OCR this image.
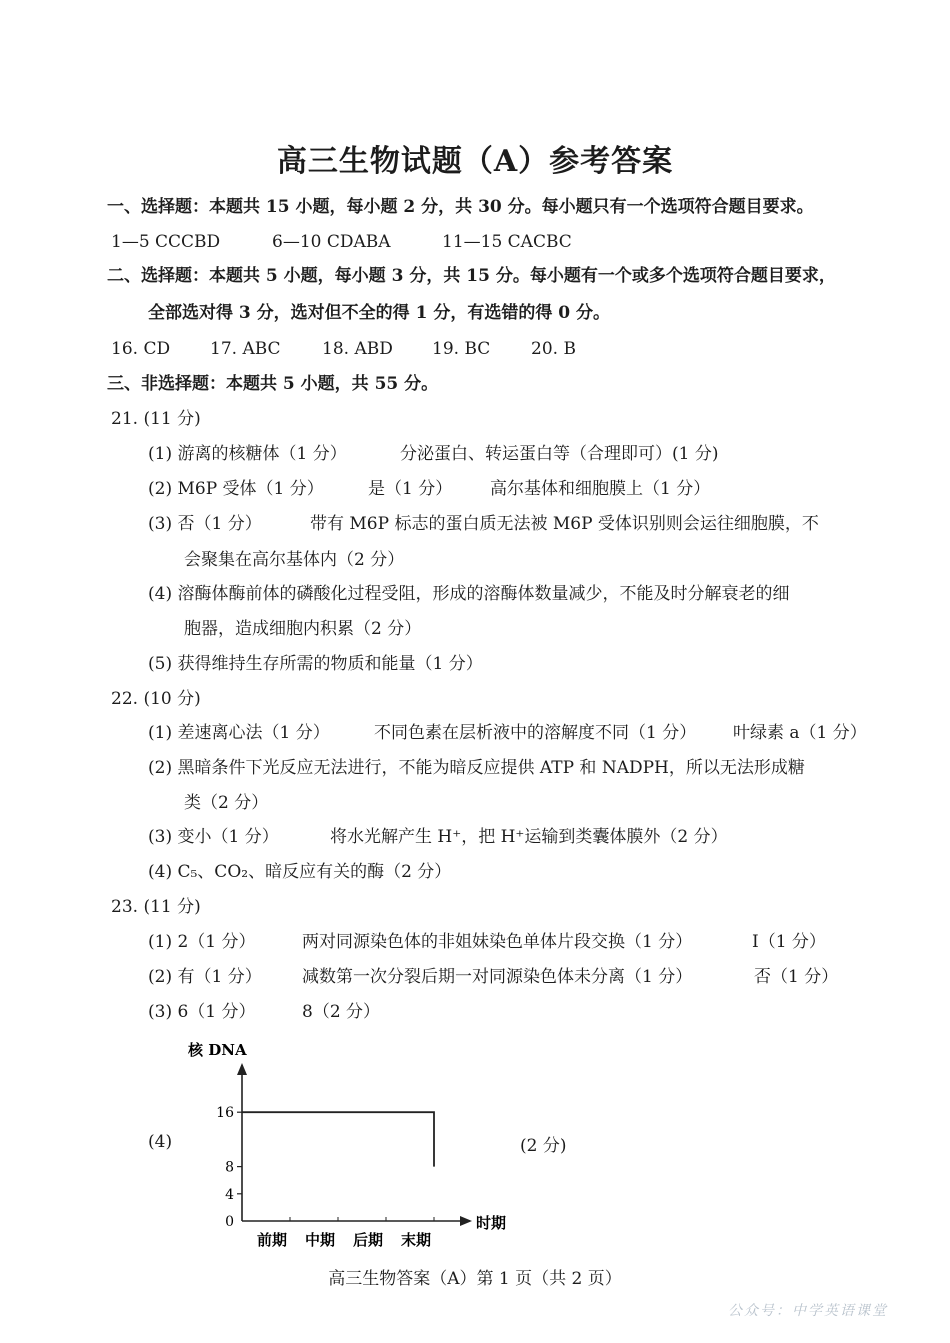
高三生物试题（A）参考答案
一、选择题：本题共 15 小题，每小题 2 分，共 30 分。每小题只有一个选项符合题目要求。
1—5 CCCBD	6—10 CDABA	11—15 CACBC
二、选择题：本题共 5 小题，每小题 3 分，共 15 分。每小题有一个或多个选项符合题目要求，
全部选对得 3 分，选对但不全的得 1 分，有选错的得 0 分。
16. CD 17. ABC 18. ABD 19. BC 20. B
三、非选择题：本题共 5 小题，共 55 分。
21. (11 分)
(1) 游离的核糖体（1 分）	分泌蛋白、转运蛋白等（合理即可）(1 分)
(2) M6P 受体（1 分）	是（1 分） 高尔基体和细胞膜上（1 分）
(3) 否（1 分）	带有 M6P 标志的蛋白质无法被 M6P 受体识别则会运往细胞膜，不
会聚集在高尔基体内（2 分）
(4) 溶酶体酶前体的磷酸化过程受阻，形成的溶酶体数量减少，不能及时分解衰老的细
胞器，造成细胞内积累（2 分）
(5) 获得维持生存所需的物质和能量（1 分）
22. (10 分)
(1) 差速离心法（1 分）	不同色素在层析液中的溶解度不同（1 分） 叶绿素 a（1 分）
(2) 黑暗条件下光反应无法进行，不能为暗反应提供 ATP 和 NADPH，所以无法形成糖
类（2 分）
(3) 变小（1 分）	将水光解产生 H⁺，把 H⁺运输到类囊体膜外（2 分）
(4) C₅、CO₂、暗反应有关的酶（2 分）
23. (11 分)
(1) 2（1 分）	两对同源染色体的非姐妹染色单体片段交换（1 分）	Ⅰ（1 分）
(2) 有（1 分） 减数第一次分裂后期一对同源染色体未分离（1 分）	否（1 分）
(3) 6（1 分）	8（2 分）
(4)	(2 分)
核 DNA
时期
0
4
8
16
前期 中期 后期 末期
高三生物答案（A）第 1 页（共 2 页）
公众号：中学英语课堂
